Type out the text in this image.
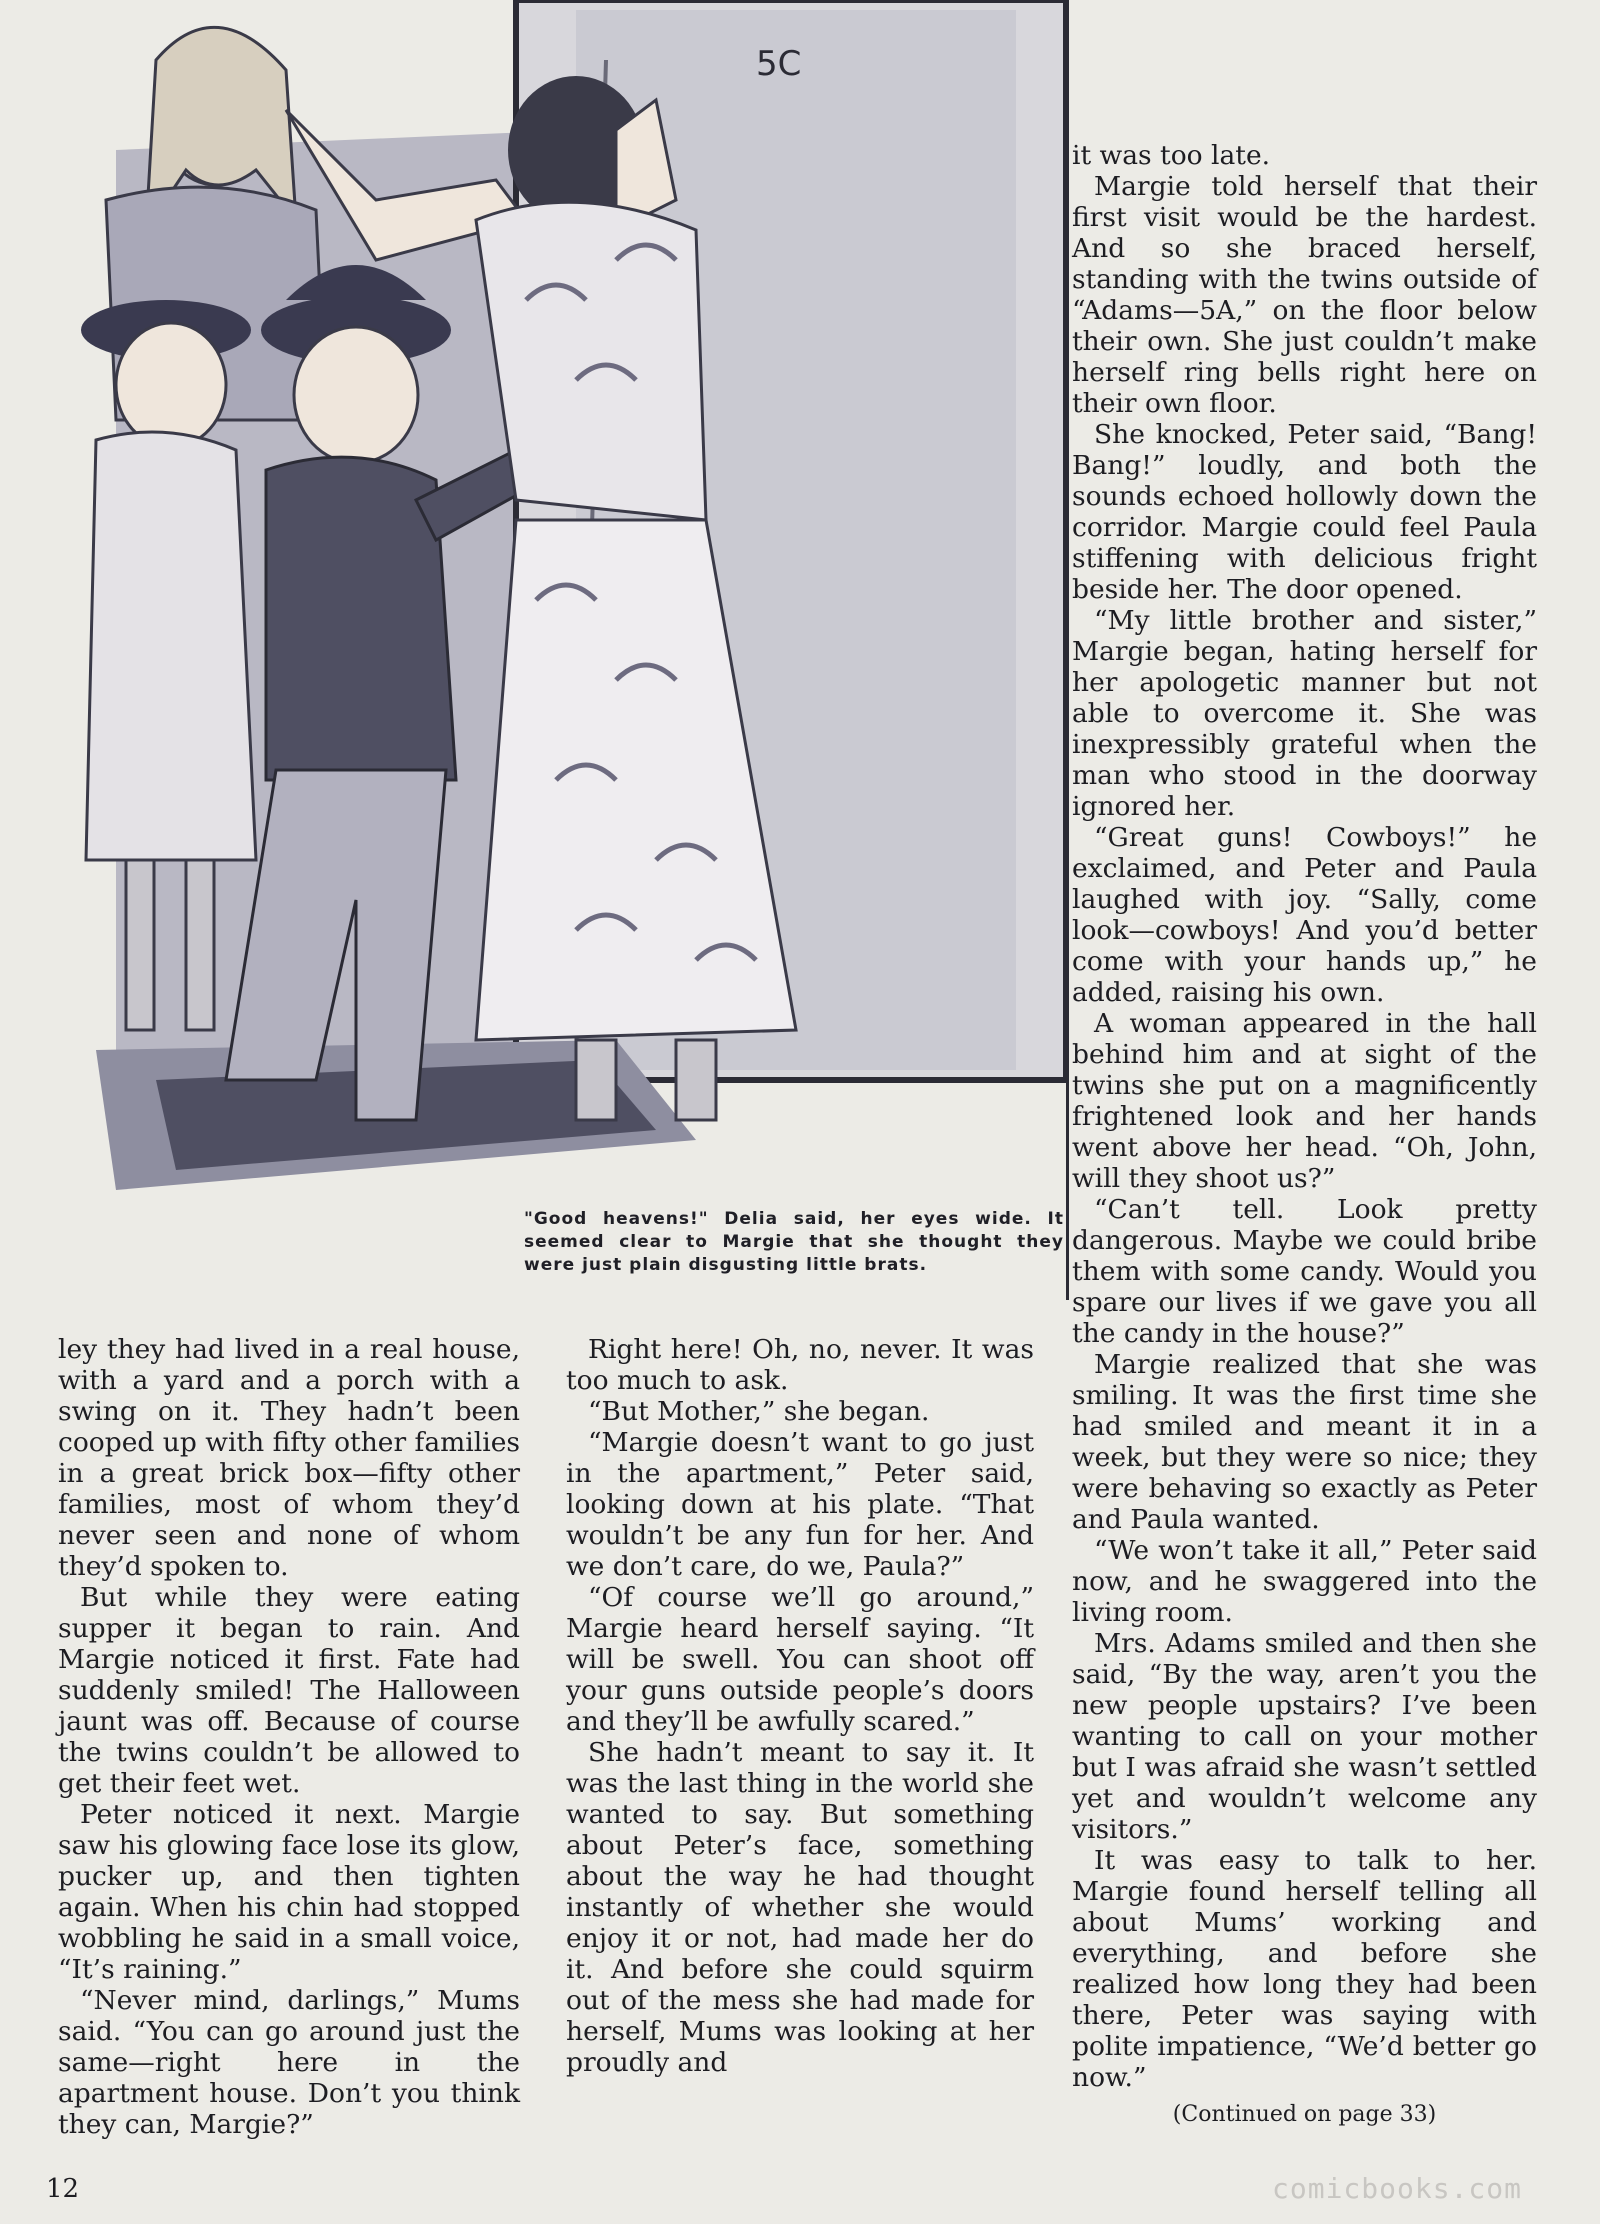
5C
"Good heavens!" Delia said, her eyes wide. It seemed clear to Margie that she thought they were just plain disgusting little brats.

it was too late.

Margie told herself that their first visit would be the hardest. And so she braced herself, standing with the twins outside of “Adams—5A,” on the floor below their own. She just couldn’t make herself ring bells right here on their own floor.

She knocked, Peter said, “Bang! Bang!” loudly, and both the sounds echoed hollowly down the corridor. Margie could feel Paula stiffening with delicious fright beside her. The door opened.

“My little brother and sister,” Margie began, hating herself for her apologetic manner but not able to overcome it. She was inexpressibly grateful when the man who stood in the doorway ignored her.

“Great guns! Cowboys!” he exclaimed, and Peter and Paula laughed with joy. “Sally, come look—cowboys! And you’d better come with your hands up,” he added, raising his own.

A woman appeared in the hall behind him and at sight of the twins she put on a magnificently frightened look and her hands went above her head. “Oh, John, will they shoot us?”

“Can’t tell. Look pretty dangerous. Maybe we could bribe them with some candy. Would you spare our lives if we gave you all the candy in the house?”

Margie realized that she was smiling. It was the first time she had smiled and meant it in a week, but they were so nice; they were behaving so exactly as Peter and Paula wanted.

“We won’t take it all,” Peter said now, and he swaggered into the living room.

Mrs. Adams smiled and then she said, “By the way, aren’t you the new people upstairs? I’ve been wanting to call on your mother but I was afraid she wasn’t settled yet and wouldn’t welcome any visitors.”

It was easy to talk to her. Margie found herself telling all about Mums’ working and everything, and before she realized how long they had been there, Peter was saying with polite impatience, “We’d better go now.”

(Continued on page 33)

ley they had lived in a real house, with a yard and a porch with a swing on it. They hadn’t been cooped up with fifty other families in a great brick box—fifty other families, most of whom they’d never seen and none of whom they’d spoken to.

But while they were eating supper it began to rain. And Margie noticed it first. Fate had suddenly smiled! The Halloween jaunt was off. Because of course the twins couldn’t be allowed to get their feet wet.

Peter noticed it next. Margie saw his glowing face lose its glow, pucker up, and then tighten again. When his chin had stopped wobbling he said in a small voice, “It’s raining.”

“Never mind, darlings,” Mums said. “You can go around just the same—right here in the apartment house. Don’t you think they can, Margie?”

Right here! Oh, no, never. It was too much to ask.

“But Mother,” she began.

“Margie doesn’t want to go just in the apartment,” Peter said, looking down at his plate. “That wouldn’t be any fun for her. And we don’t care, do we, Paula?”

“Of course we’ll go around,” Margie heard herself saying. “It will be swell. You can shoot off your guns outside people’s doors and they’ll be awfully scared.”

She hadn’t meant to say it. It was the last thing in the world she wanted to say. But something about Peter’s face, something about the way he had thought instantly of whether she would enjoy it or not, had made her do it. And before she could squirm out of the mess she had made for herself, Mums was looking at her proudly and

12	comicbooks.com
